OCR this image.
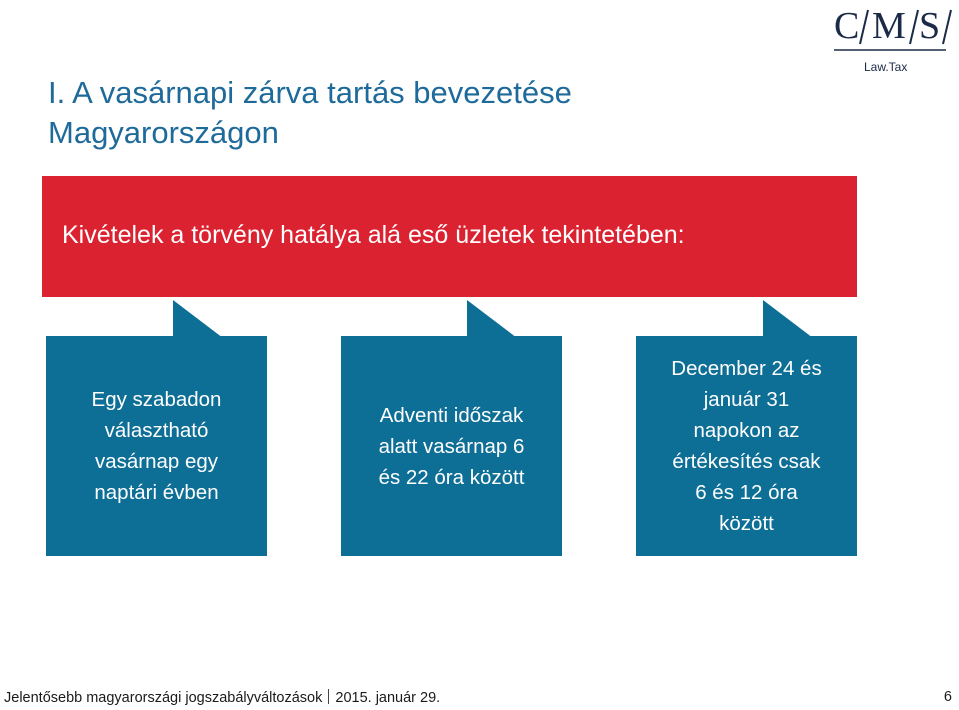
I. A vasárnapi zárva tartás bevezetése
Magyarországon
C M S
Law.Tax
Kivételek a törvény hatálya alá eső üzletek tekintetében:
Egy szabadon
választható
vasárnap egy
naptári évben
Adventi időszak
alatt vasárnap 6
és 22 óra között
December 24 és
január 31
napokon az
értékesítés csak
6 és 12 óra
között
Jelentősebb magyarországi jogszabályváltozások 2015. január 29.	6
